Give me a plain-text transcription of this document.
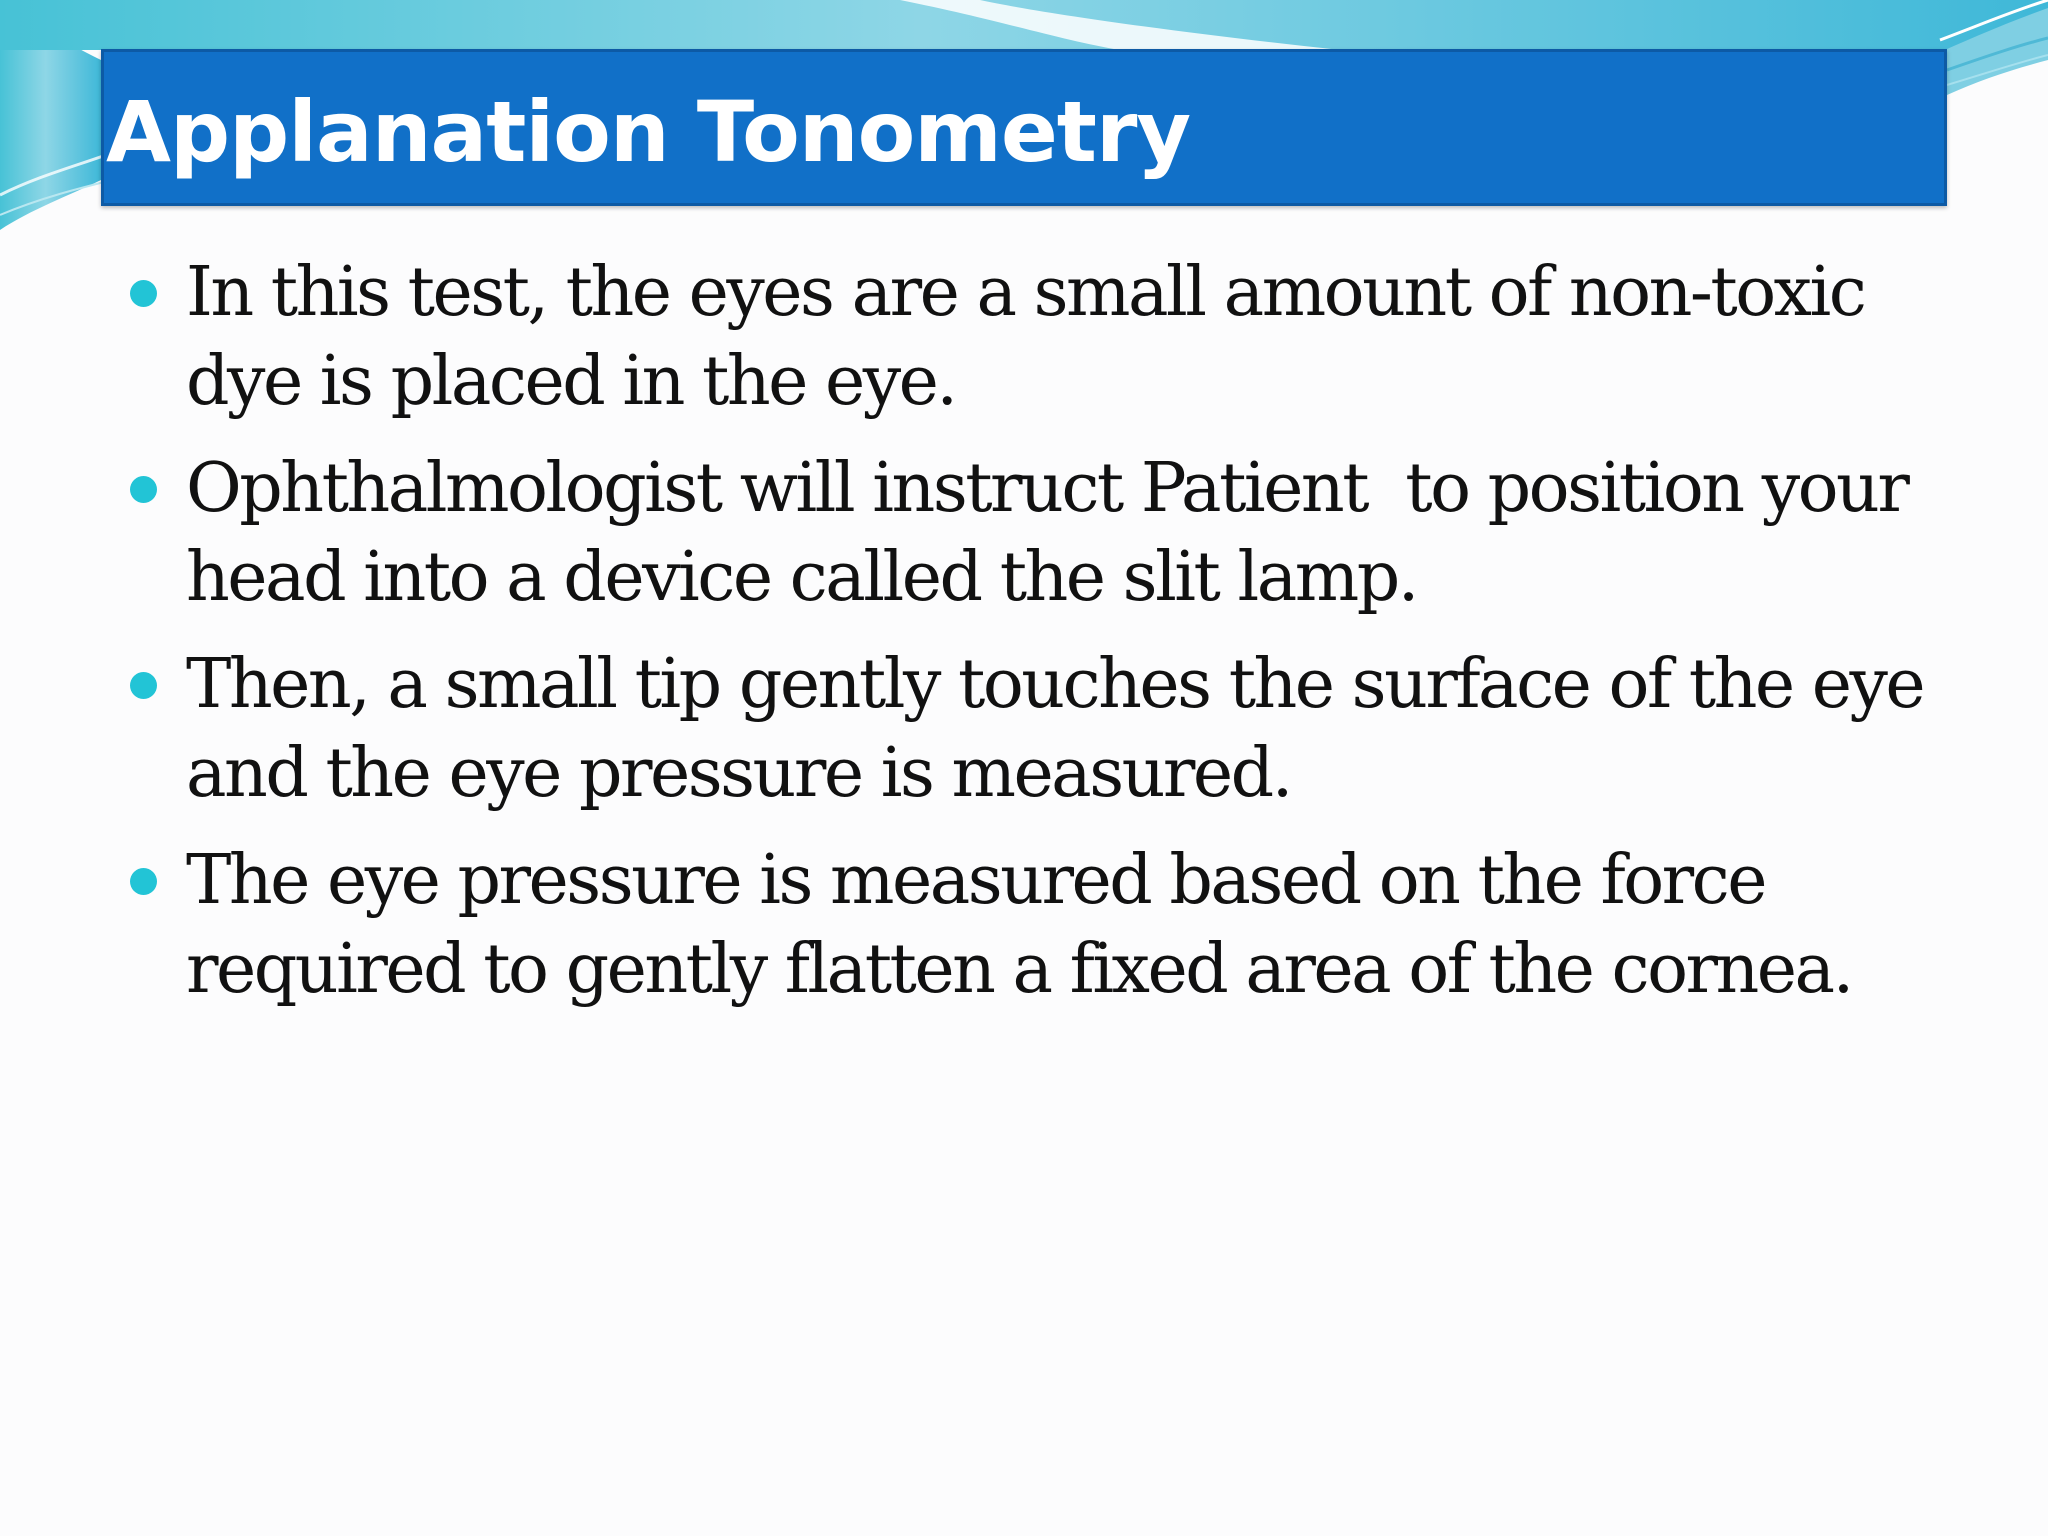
Applanation Tonometry
In this test, the eyes are a small amount of non-toxic dye is placed in the eye.
Ophthalmologist will instruct Patient  to position your head into a device called the slit lamp.
Then, a small tip gently touches the surface of the eye and the eye pressure is measured.
The eye pressure is measured based on the force required to gently flatten a fixed area of the cornea.
